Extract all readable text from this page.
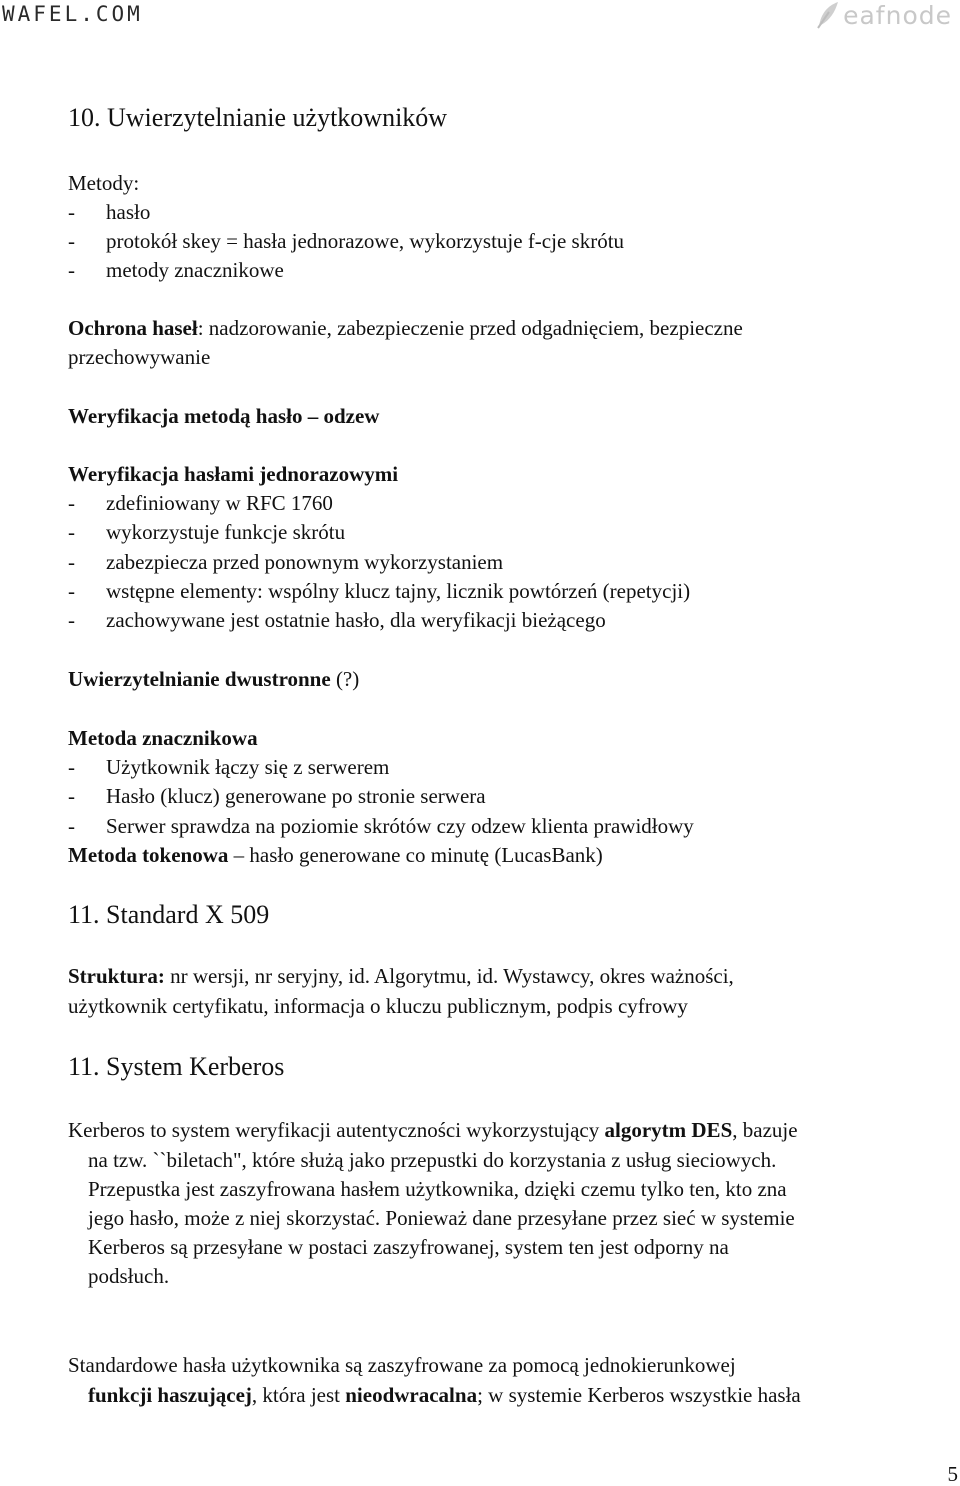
WAFEL.COM	eafnode
10. Uwierzytelnianie użytkowników
Metody:
- hasło
- protokół skey = hasła jednorazowe, wykorzystuje f-cje skrótu
- metody znacznikowe
Ochrona haseł: nadzorowanie, zabezpieczenie przed odgadnięciem, bezpieczne
przechowywanie
Weryfikacja metodą hasło – odzew
Weryfikacja hasłami jednorazowymi
- zdefiniowany w RFC 1760
- wykorzystuje funkcje skrótu
- zabezpiecza przed ponownym wykorzystaniem
- wstępne elementy: wspólny klucz tajny, licznik powtórzeń (repetycji)
- zachowywane jest ostatnie hasło, dla weryfikacji bieżącego
Uwierzytelnianie dwustronne (?)
Metoda znacznikowa
- Użytkownik łączy się z serwerem
- Hasło (klucz) generowane po stronie serwera
- Serwer sprawdza na poziomie skrótów czy odzew klienta prawidłowy
Metoda tokenowa – hasło generowane co minutę (LucasBank)
11. Standard X 509
Struktura: nr wersji, nr seryjny, id. Algorytmu, id. Wystawcy, okres ważności,
użytkownik certyfikatu, informacja o kluczu publicznym, podpis cyfrowy
11. System Kerberos
Kerberos to system weryfikacji autentyczności wykorzystujący algorytm DES, bazuje
na tzw. ``biletach", które służą jako przepustki do korzystania z usług sieciowych.
Przepustka jest zaszyfrowana hasłem użytkownika, dzięki czemu tylko ten, kto zna
jego hasło, może z niej skorzystać. Ponieważ dane przesyłane przez sieć w systemie
Kerberos są przesyłane w postaci zaszyfrowanej, system ten jest odporny na
podsłuch.
Standardowe hasła użytkownika są zaszyfrowane za pomocą jednokierunkowej
funkcji haszującej, która jest nieodwracalna; w systemie Kerberos wszystkie hasła
5
